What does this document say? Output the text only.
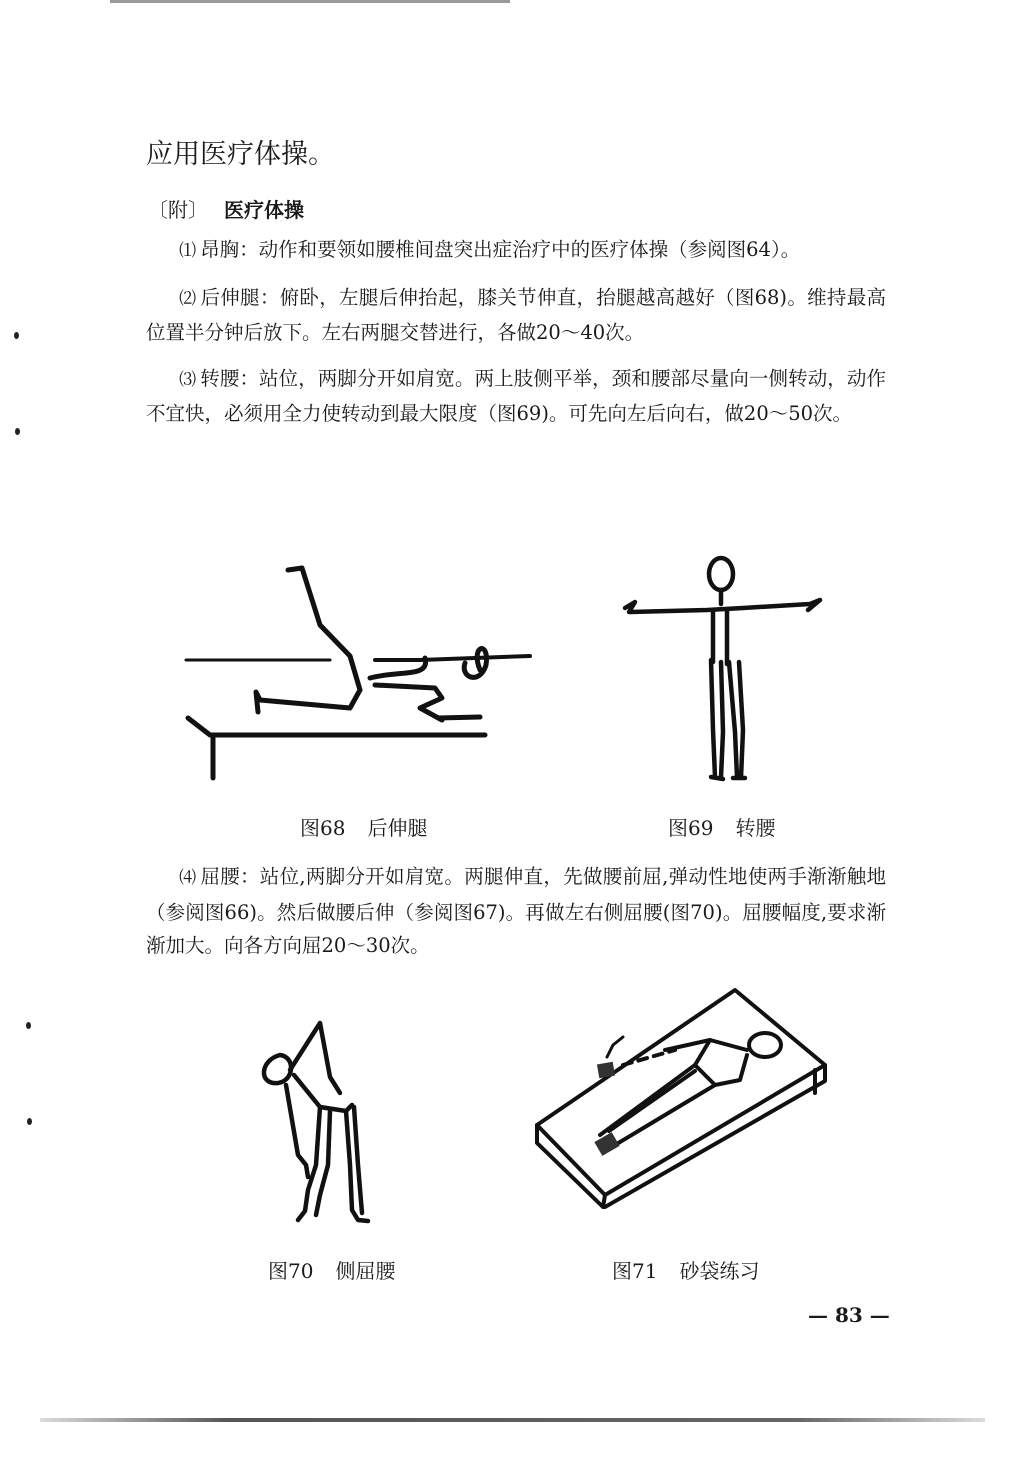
应用医疗体操。

〔附〕 医疗体操

⑴ 昂胸：动作和要领如腰椎间盘突出症治疗中的医疗体操（参阅图64）。

⑵ 后伸腿：俯卧，左腿后伸抬起，膝关节伸直，抬腿越高越好（图68)。维持最高位置半分钟后放下。左右两腿交替进行，各做20～40次。

⑶ 转腰：站位，两脚分开如肩宽。两上肢侧平举，颈和腰部尽量向一侧转动，动作不宜快，必须用全力使转动到最大限度（图69)。可先向左后向右，做20～50次。

图68 后伸腿	图69 转腰

⑷ 屈腰：站位,两脚分开如肩宽。两腿伸直，先做腰前屈,弹动性地使两手渐渐触地（参阅图66)。然后做腰后伸（参阅图67)。再做左右侧屈腰(图70)。屈腰幅度,要求渐渐加大。向各方向屈20～30次。

图70 侧屈腰	图71 砂袋练习
— 83 —
